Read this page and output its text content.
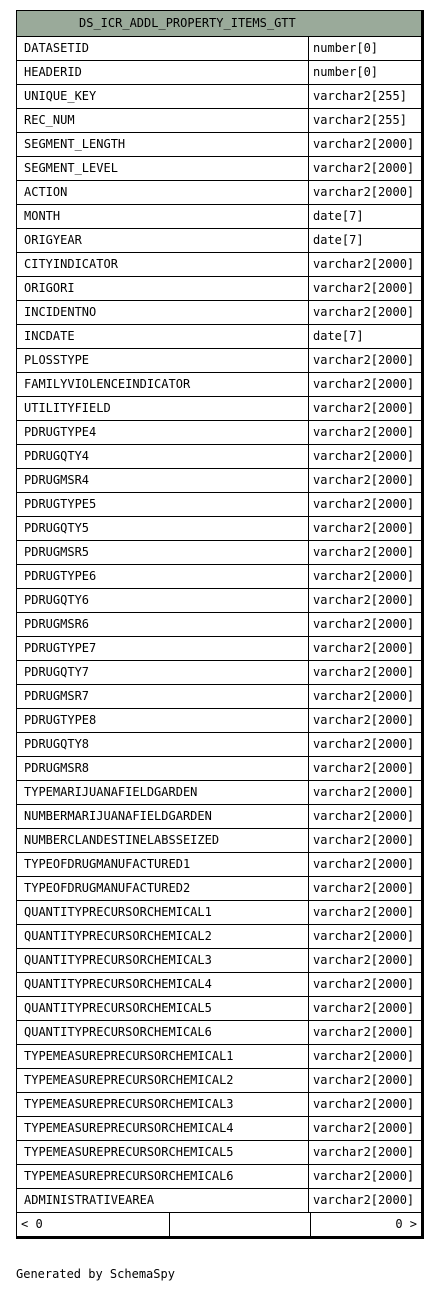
DS_ICR_ADDL_PROPERTY_ITEMS_GTT
DATASETID	number[0]
HEADERID	number[0]
UNIQUE_KEY	varchar2[255]
REC_NUM	varchar2[255]
SEGMENT_LENGTH	varchar2[2000]
SEGMENT_LEVEL	varchar2[2000]
ACTION	varchar2[2000]
MONTH	date[7]
ORIGYEAR	date[7]
CITYINDICATOR	varchar2[2000]
ORIGORI	varchar2[2000]
INCIDENTNO	varchar2[2000]
INCDATE	date[7]
PLOSSTYPE	varchar2[2000]
FAMILYVIOLENCEINDICATOR	varchar2[2000]
UTILITYFIELD	varchar2[2000]
PDRUGTYPE4	varchar2[2000]
PDRUGQTY4	varchar2[2000]
PDRUGMSR4	varchar2[2000]
PDRUGTYPE5	varchar2[2000]
PDRUGQTY5	varchar2[2000]
PDRUGMSR5	varchar2[2000]
PDRUGTYPE6	varchar2[2000]
PDRUGQTY6	varchar2[2000]
PDRUGMSR6	varchar2[2000]
PDRUGTYPE7	varchar2[2000]
PDRUGQTY7	varchar2[2000]
PDRUGMSR7	varchar2[2000]
PDRUGTYPE8	varchar2[2000]
PDRUGQTY8	varchar2[2000]
PDRUGMSR8	varchar2[2000]
TYPEMARIJUANAFIELDGARDEN	varchar2[2000]
NUMBERMARIJUANAFIELDGARDEN	varchar2[2000]
NUMBERCLANDESTINELABSSEIZED	varchar2[2000]
TYPEOFDRUGMANUFACTURED1	varchar2[2000]
TYPEOFDRUGMANUFACTURED2	varchar2[2000]
QUANTITYPRECURSORCHEMICAL1	varchar2[2000]
QUANTITYPRECURSORCHEMICAL2	varchar2[2000]
QUANTITYPRECURSORCHEMICAL3	varchar2[2000]
QUANTITYPRECURSORCHEMICAL4	varchar2[2000]
QUANTITYPRECURSORCHEMICAL5	varchar2[2000]
QUANTITYPRECURSORCHEMICAL6	varchar2[2000]
TYPEMEASUREPRECURSORCHEMICAL1	varchar2[2000]
TYPEMEASUREPRECURSORCHEMICAL2	varchar2[2000]
TYPEMEASUREPRECURSORCHEMICAL3	varchar2[2000]
TYPEMEASUREPRECURSORCHEMICAL4	varchar2[2000]
TYPEMEASUREPRECURSORCHEMICAL5	varchar2[2000]
TYPEMEASUREPRECURSORCHEMICAL6	varchar2[2000]
ADMINISTRATIVEAREA	varchar2[2000]
< 0	0 >
Generated by SchemaSpy
